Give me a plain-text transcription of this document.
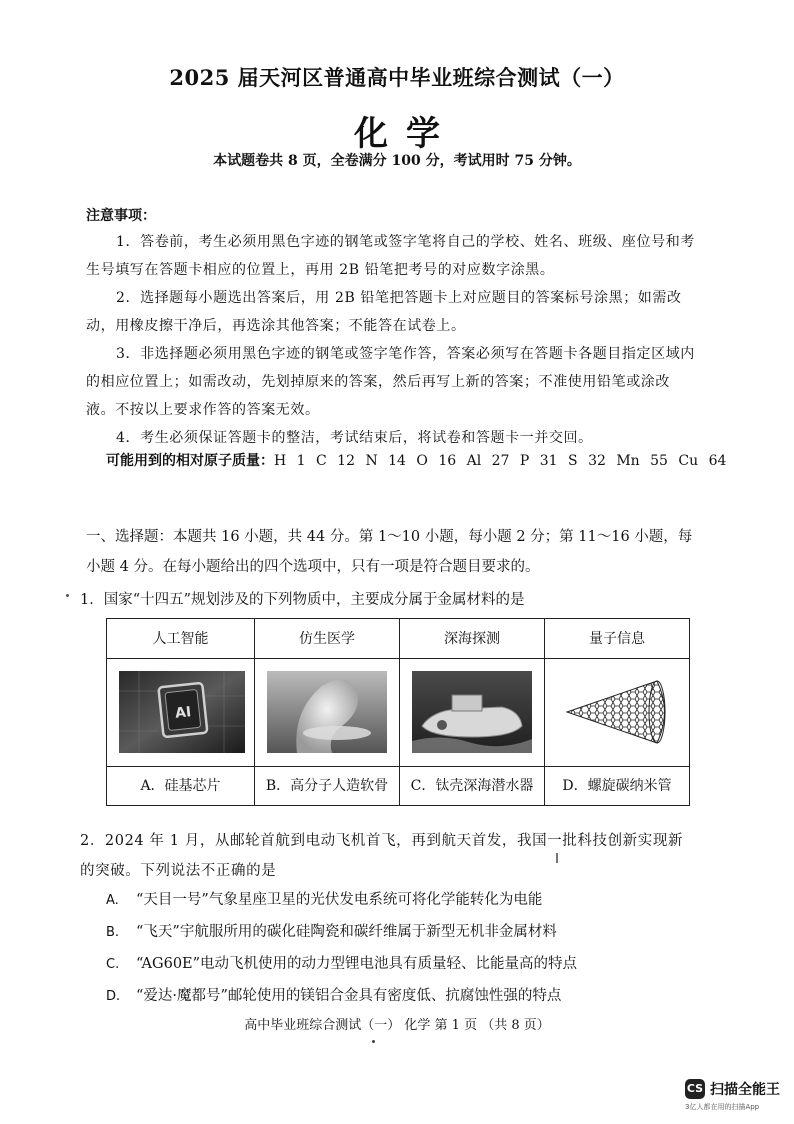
2025 届天河区普通高中毕业班综合测试（一）
化学
本试题卷共 8 页，全卷满分 100 分，考试用时 75 分钟。
注意事项：
1．答卷前，考生必须用黑色字迹的钢笔或签字笔将自己的学校、姓名、班级、座位号和考生号填写在答题卡相应的位置上，再用 2B 铅笔把考号的对应数字涂黑。
2．选择题每小题选出答案后，用 2B 铅笔把答题卡上对应题目的答案标号涂黑；如需改动，用橡皮擦干净后，再选涂其他答案；不能答在试卷上。
3．非选择题必须用黑色字迹的钢笔或签字笔作答，答案必须写在答题卡各题目指定区域内的相应位置上；如需改动，先划掉原来的答案，然后再写上新的答案；不准使用铅笔或涂改液。不按以上要求作答的答案无效。
4．考生必须保证答题卡的整洁，考试结束后，将试卷和答题卡一并交回。
可能用到的相对原子质量：H 1 C 12 N 14 O 16 Al 27 P 31 S 32 Mn 55 Cu 64
一、选择题：本题共 16 小题，共 44 分。第 1～10 小题，每小题 2 分；第 11～16 小题，每小题 4 分。在每小题给出的四个选项中，只有一项是符合题目要求的。
1．国家“十四五”规划涉及的下列物质中，主要成分属于金属材料的是
人工智能	仿生医学	深海探测	量子信息
AI
A．硅基芯片	B．高分子人造软骨	C．钛壳深海潜水器	D．螺旋碳纳米管
2．2024 年 1 月，从邮轮首航到电动飞机首飞，再到航天首发，我国一批科技创新实现新的突破。下列说法不正确的是
A. “天目一号”气象星座卫星的光伏发电系统可将化学能转化为电能
B. “飞天”宇航服所用的碳化硅陶瓷和碳纤维属于新型无机非金属材料
C. “AG60E”电动飞机使用的动力型锂电池具有质量轻、比能量高的特点
D. “爱达·魔都号”邮轮使用的镁铝合金具有密度低、抗腐蚀性强的特点
高中毕业班综合测试（一） 化学 第 1 页 （共 8 页）
CS 扫描全能王
3亿人都在用的扫描App
